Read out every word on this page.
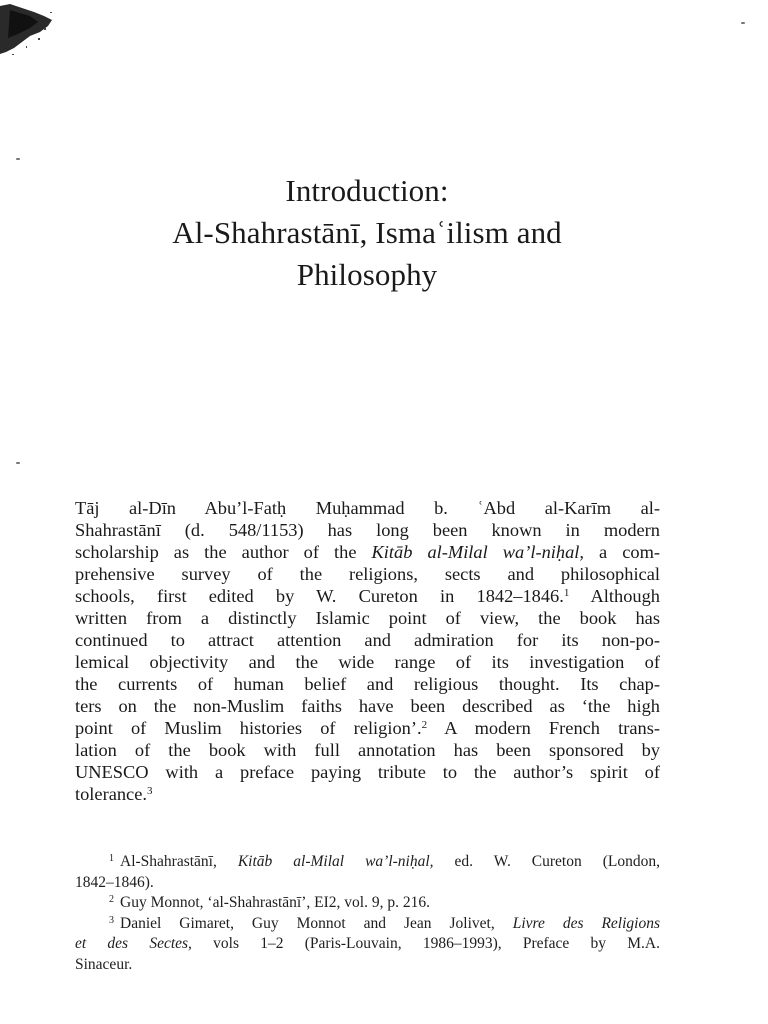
Introduction:
Al-Shahrastānī, Ismaʿilism and
Philosophy
Tāj al-Dīn Abu’l-Fatḥ Muḥammad b. ʿAbd al-Karīm al-
Shahrastānī (d. 548/1153) has long been known in modern
scholarship as the author of the Kitāb al-Milal wa’l-niḥal, a com-
prehensive survey of the religions, sects and philosophical
schools, first edited by W. Cureton in 1842–1846.$^1$ Although
written from a distinctly Islamic point of view, the book has
continued to attract attention and admiration for its non-po-
lemical objectivity and the wide range of its investigation of
the currents of human belief and religious thought. Its chap-
ters on the non-Muslim faiths have been described as ‘the high
point of Muslim histories of religion’.$^2$ A modern French trans-
lation of the book with full annotation has been sponsored by
UNESCO with a preface paying tribute to the author’s spirit of
tolerance.$^3$
$^1$ Al-Shahrastānī, Kitāb al-Milal wa’l-niḥal, ed. W. Cureton (London,
1842–1846).
$^2$ Guy Monnot, ‘al-Shahrastānī’, EI2, vol. 9, p. 216.
$^3$ Daniel Gimaret, Guy Monnot and Jean Jolivet, Livre des Religions
et des Sectes, vols 1–2 (Paris-Louvain, 1986–1993), Preface by M.A.
Sinaceur.
